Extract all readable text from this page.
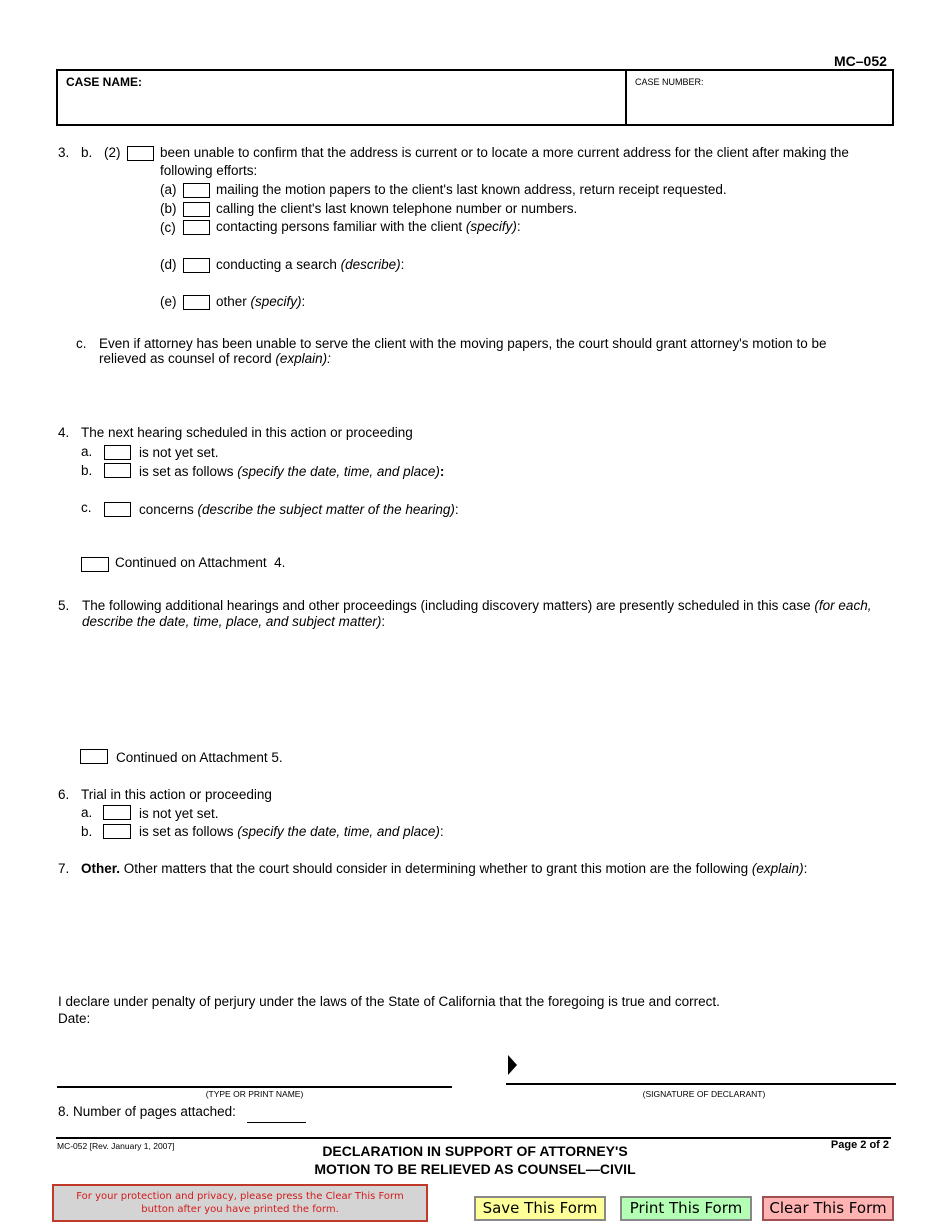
MC–052
CASE NAME:	CASE NUMBER:
3. b. (2)	been unable to confirm that the address is current or to locate a more current address for the client after making the
following efforts:
(a)	mailing the motion papers to the client's last known address, return receipt requested.
(b)	calling the client's last known telephone number or numbers.
(c)	contacting persons familiar with the client (specify):
(d)	conducting a search (describe):
(e)	other (specify):
c. Even if attorney has been unable to serve the client with the moving papers, the court should grant attorney's motion to be
relieved as counsel of record (explain):
4. The next hearing scheduled in this action or proceeding
a.	is not yet set.
b.	is set as follows (specify the date, time, and place):
c.	concerns (describe the subject matter of the hearing):
Continued on Attachment  4.
5. The following additional hearings and other proceedings (including discovery matters) are presently scheduled in this case (for each,
describe the date, time, place, and subject matter):
Continued on Attachment 5.
6. Trial in this action or proceeding
a.	is not yet set.
b.	is set as follows (specify the date, time, and place):
7. Other. Other matters that the court should consider in determining whether to grant this motion are the following (explain):
I declare under penalty of perjury under the laws of the State of California that the foregoing is true and correct.
Date:
(TYPE OR PRINT NAME)	(SIGNATURE OF DECLARANT)
8. Number of pages attached:
MC-052 [Rev. January 1, 2007]	DECLARATION IN SUPPORT OF ATTORNEY'S
MOTION TO BE RELIEVED AS COUNSEL—CIVIL
Page 2 of 2
For your protection and privacy, please press the Clear This Form
button after you have printed the form.	Save This Form	Print This Form	Clear This Form
